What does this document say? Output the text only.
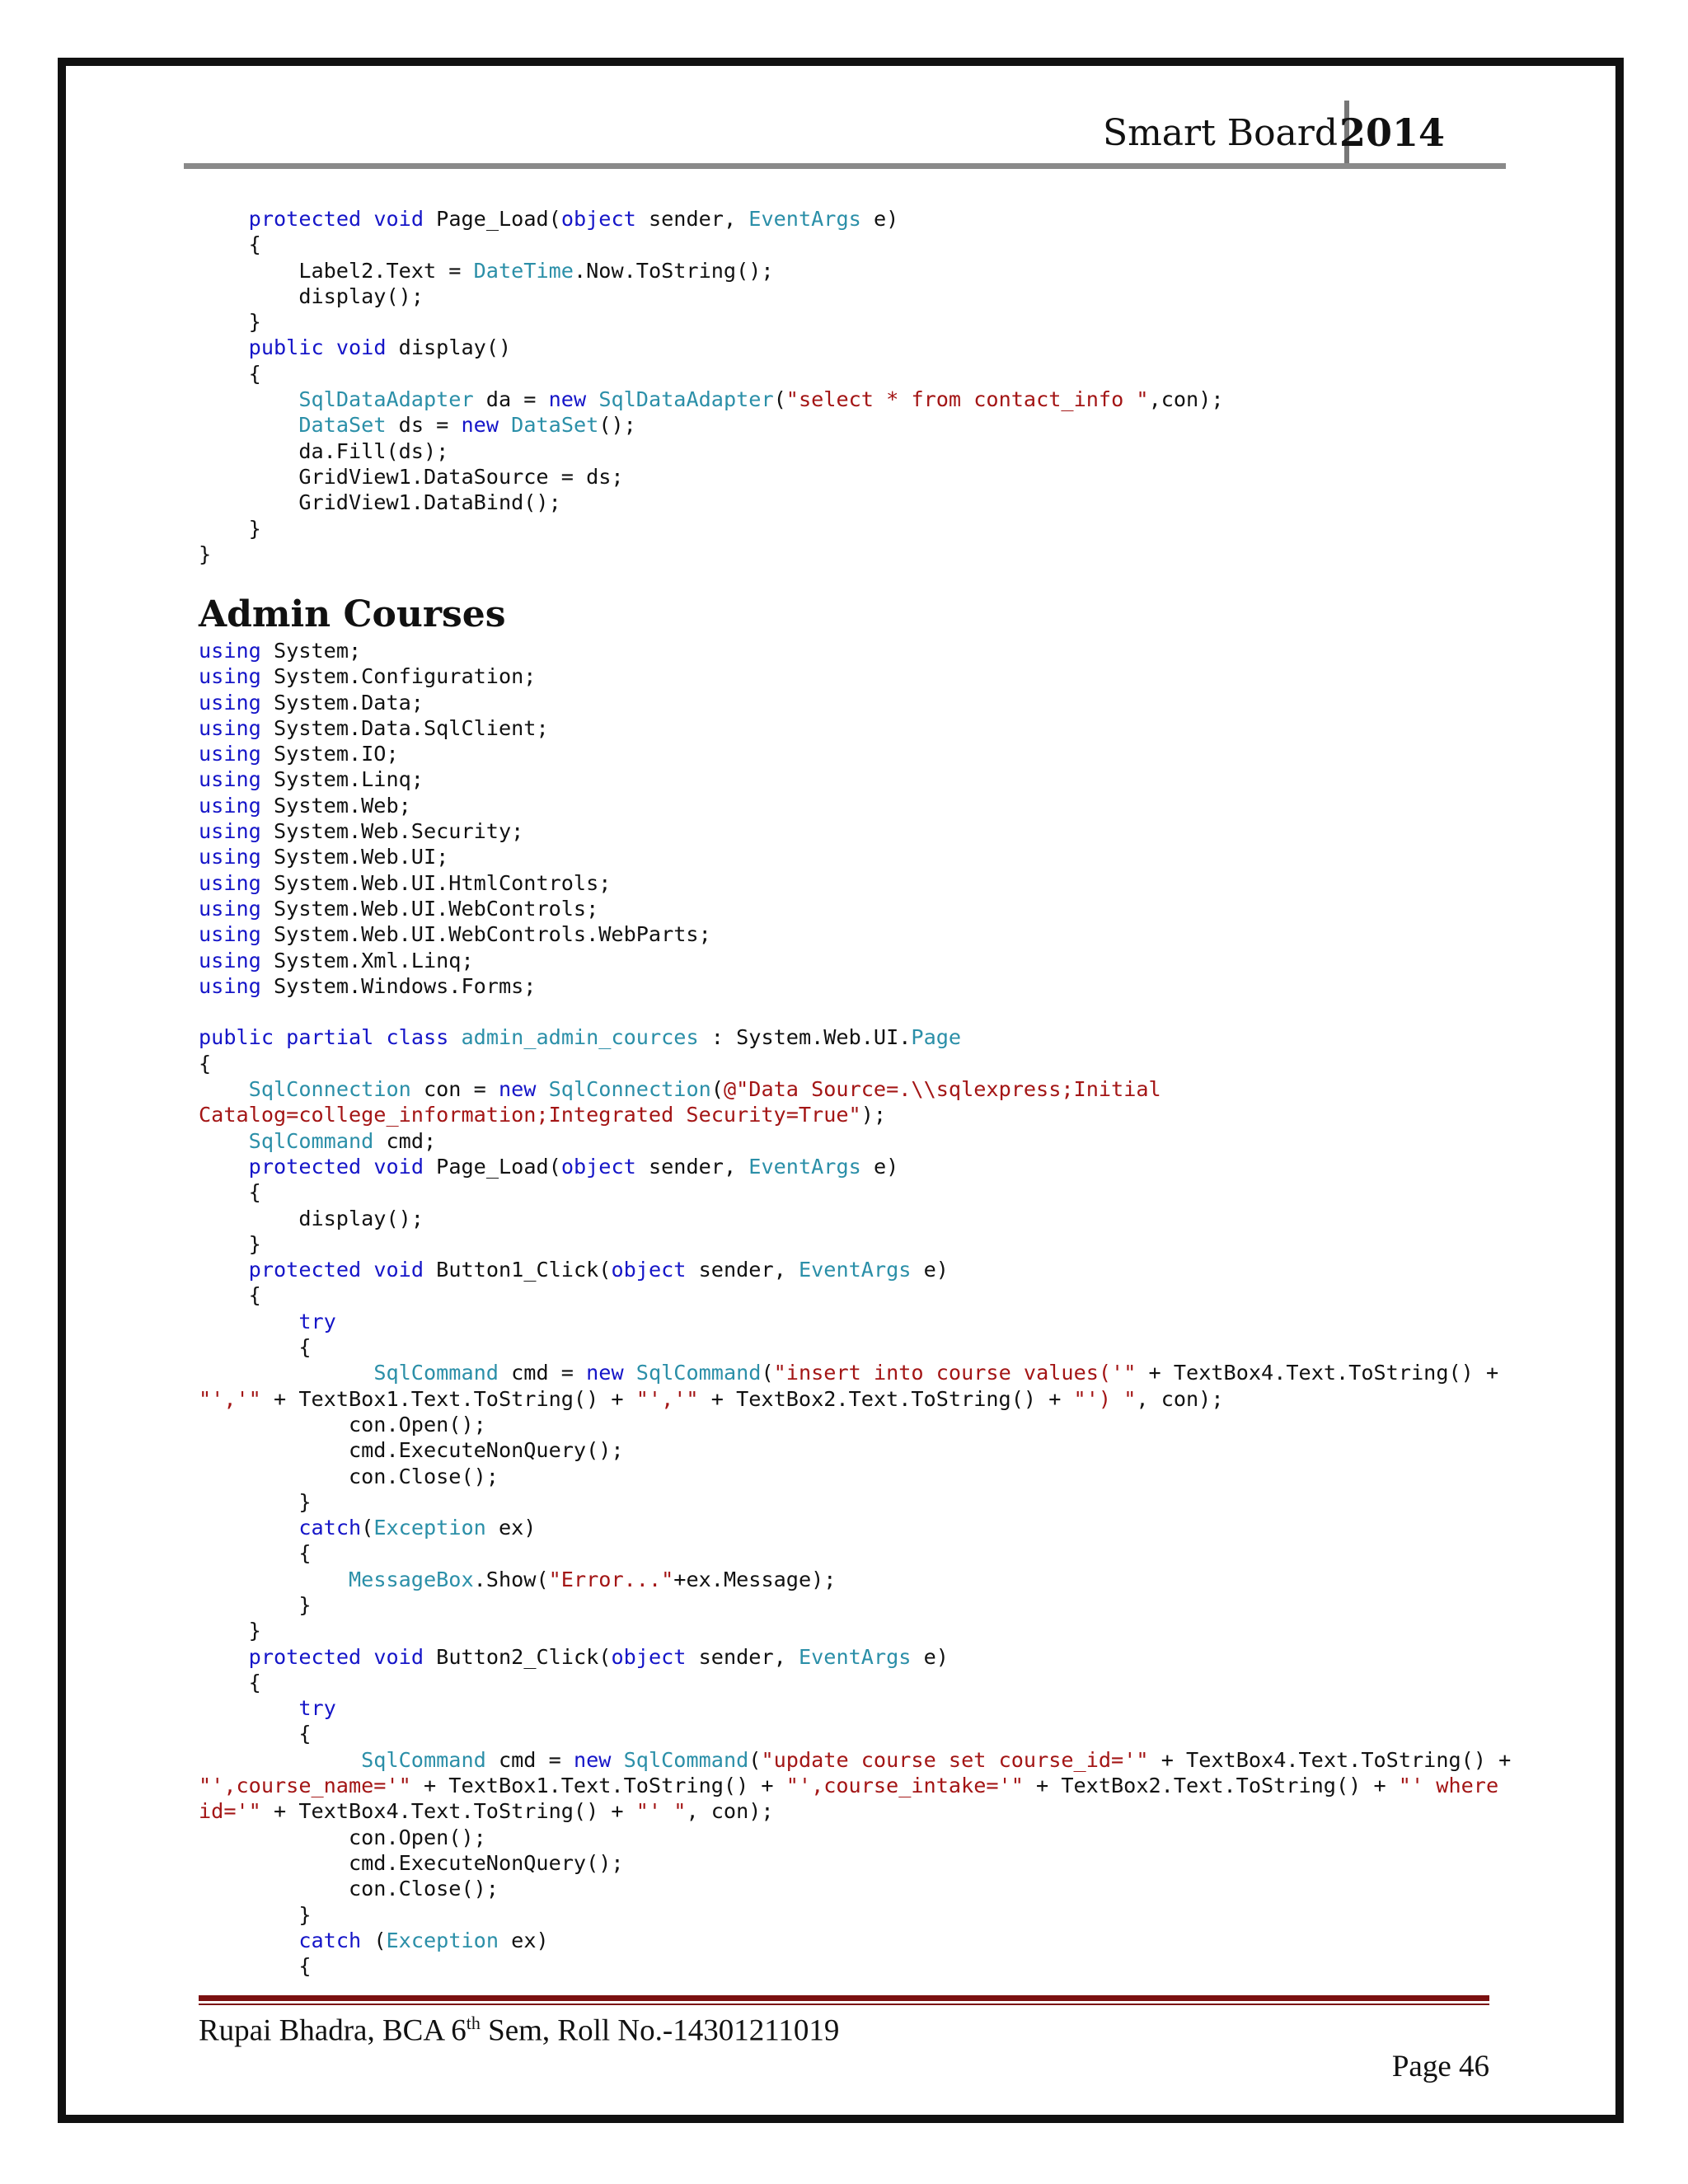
Smart Board 2014
protected void Page_Load(object sender, EventArgs e)
{
Label2.Text = DateTime.Now.ToString();
display();
}
public void display()
{
SqlDataAdapter da = new SqlDataAdapter("select * from contact_info ",con);
DataSet ds = new DataSet();
da.Fill(ds);
GridView1.DataSource = ds;
GridView1.DataBind();
}
}
Admin Courses
using System;
using System.Configuration;
using System.Data;
using System.Data.SqlClient;
using System.IO;
using System.Linq;
using System.Web;
using System.Web.Security;
using System.Web.UI;
using System.Web.UI.HtmlControls;
using System.Web.UI.WebControls;
using System.Web.UI.WebControls.WebParts;
using System.Xml.Linq;
using System.Windows.Forms;
public partial class admin_admin_cources : System.Web.UI.Page
{
SqlConnection con = new SqlConnection(@"Data Source=.\\sqlexpress;Initial
Catalog=college_information;Integrated Security=True");
SqlCommand cmd;
protected void Page_Load(object sender, EventArgs e)
{
display();
}
protected void Button1_Click(object sender, EventArgs e)
{
try
{
SqlCommand cmd = new SqlCommand("insert into course values('" + TextBox4.Text.ToString() +
"','" + TextBox1.Text.ToString() + "','" + TextBox2.Text.ToString() + "') ", con);
con.Open();
cmd.ExecuteNonQuery();
con.Close();
}
catch(Exception ex)
{
MessageBox.Show("Error..."+ex.Message);
}
}
protected void Button2_Click(object sender, EventArgs e)
{
try
{
SqlCommand cmd = new SqlCommand("update course set course_id='" + TextBox4.Text.ToString() +
"',course_name='" + TextBox1.Text.ToString() + "',course_intake='" + TextBox2.Text.ToString() + "' where
id='" + TextBox4.Text.ToString() + "' ", con);
con.Open();
cmd.ExecuteNonQuery();
con.Close();
}
catch (Exception ex)
{
Rupai Bhadra, BCA 6th Sem, Roll No.-14301211019
Page 46
